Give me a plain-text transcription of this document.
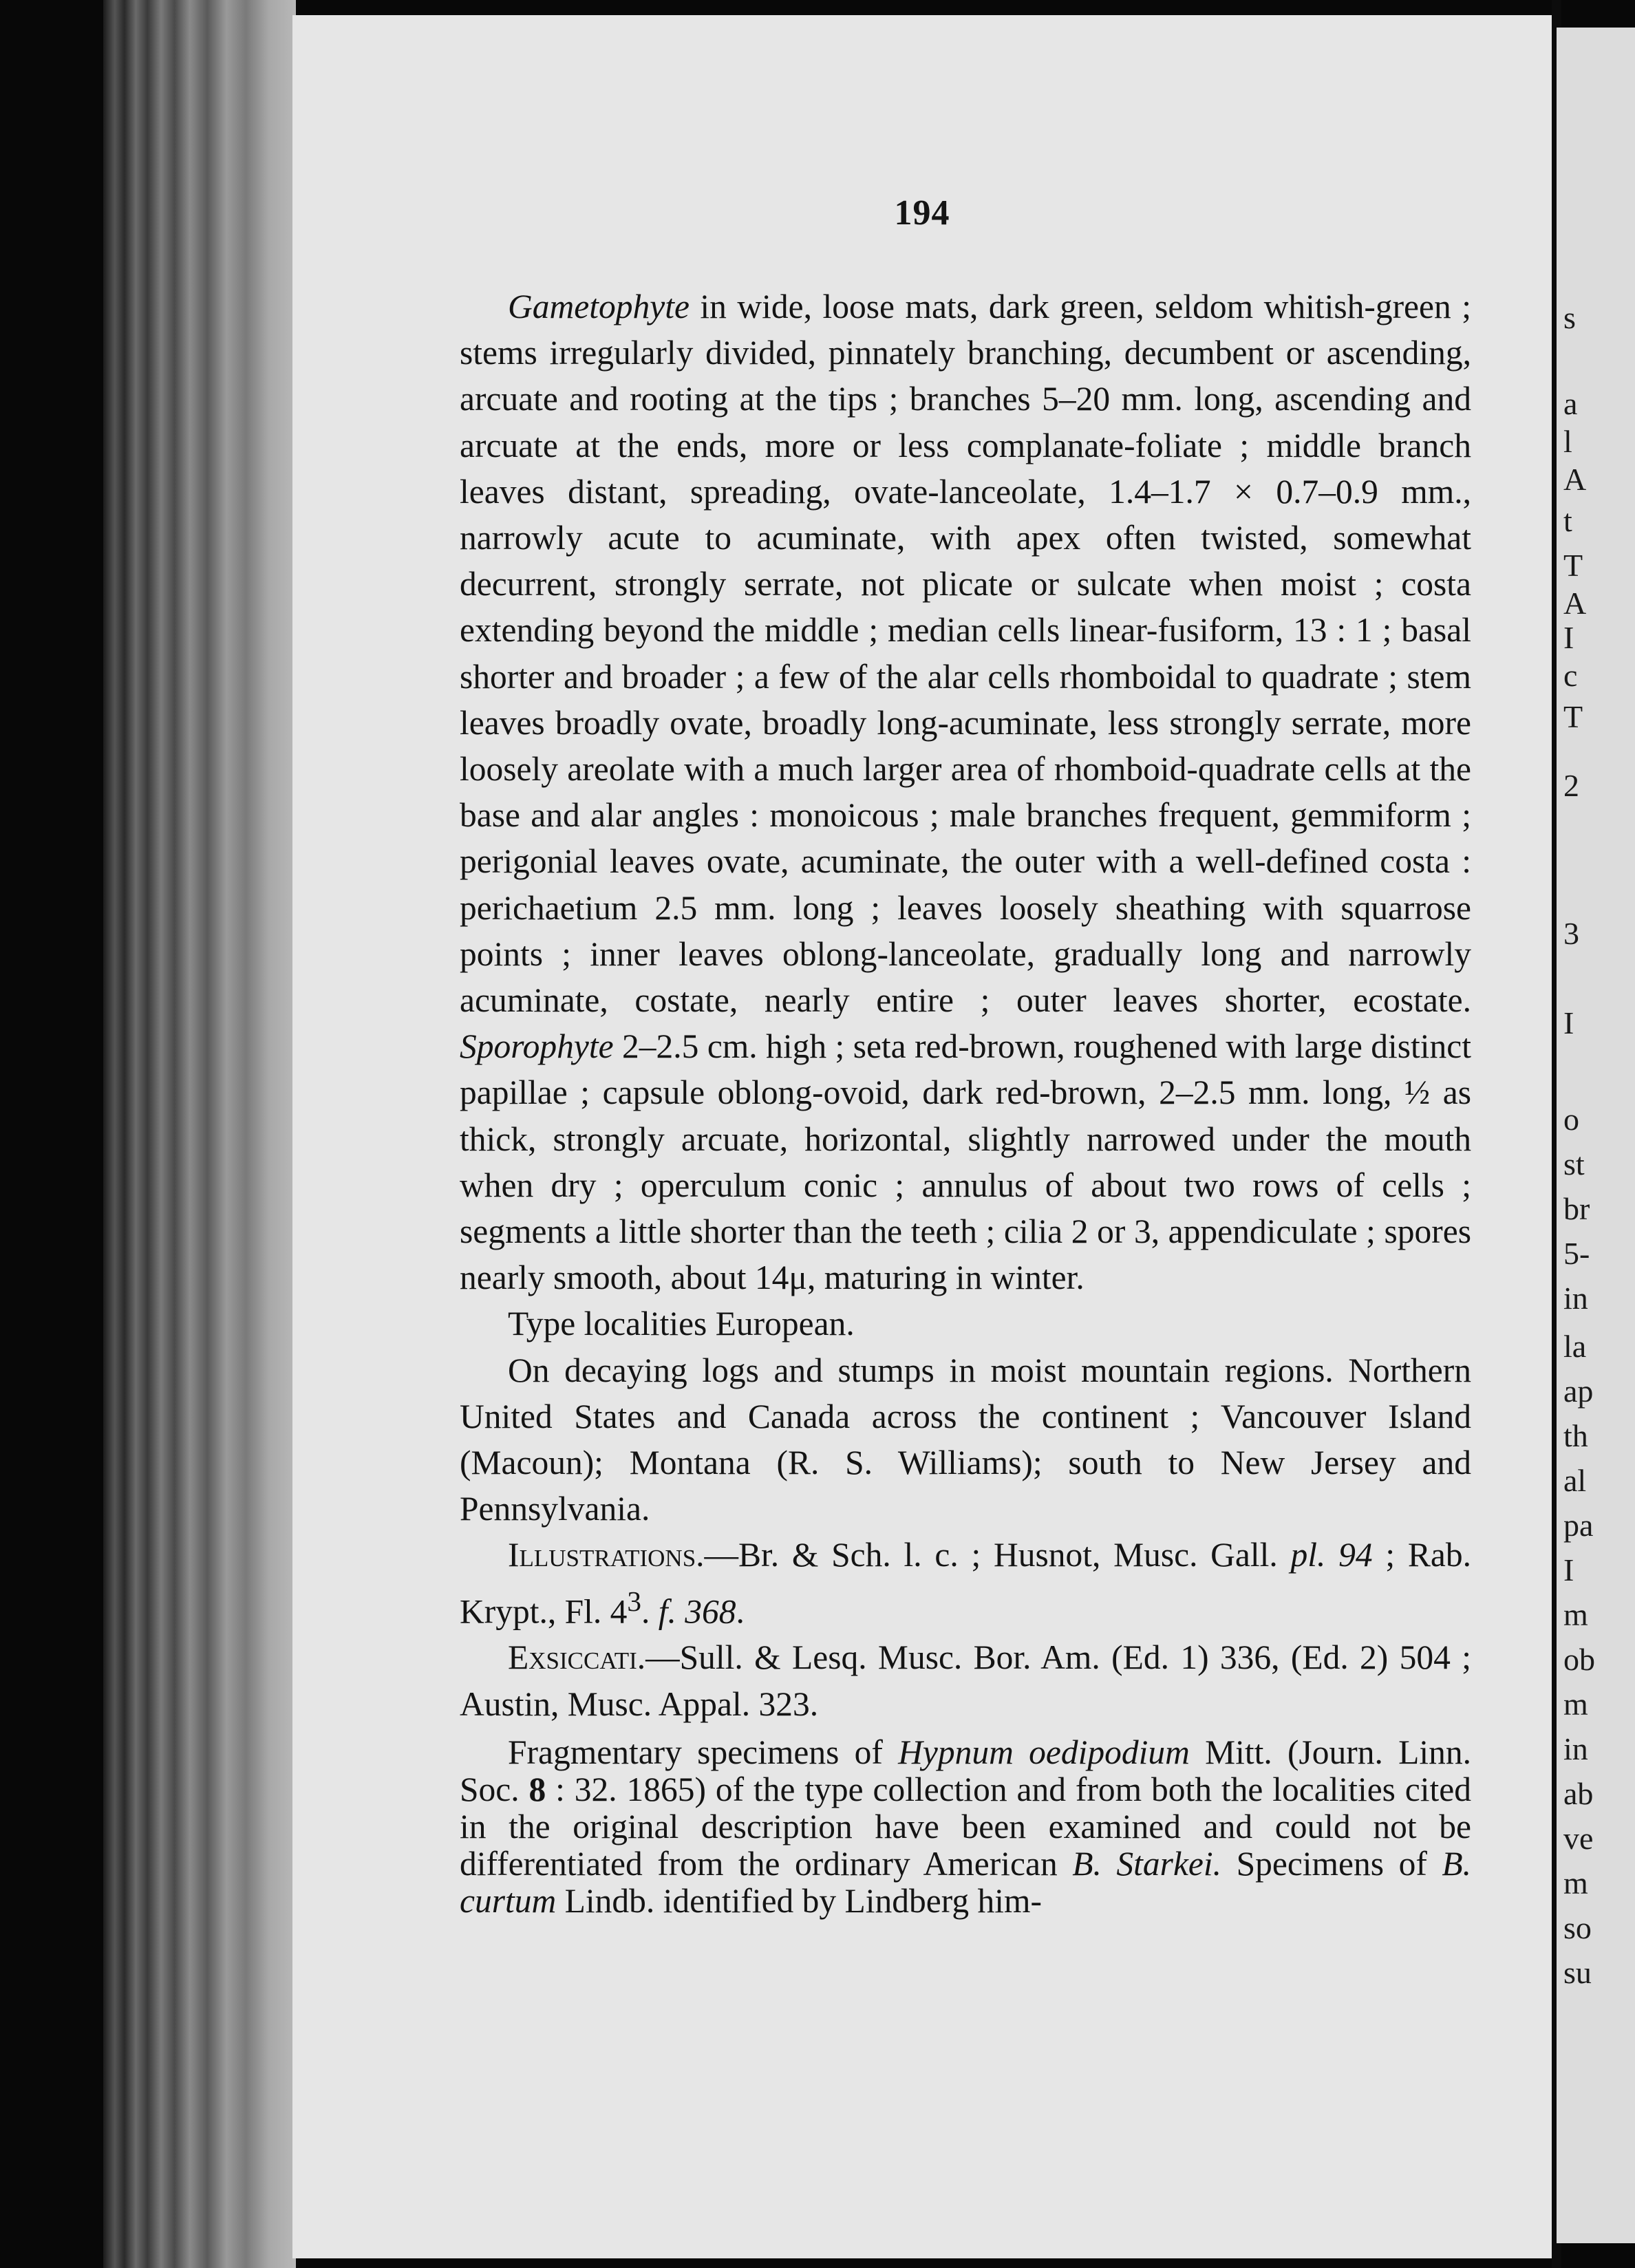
194

Gametophyte in wide, loose mats, dark green, seldom whitish-green ; stems irregularly divided, pinnately branching, decumbent or ascending, arcuate and rooting at the tips ; branches 5–20 mm. long, ascending and arcuate at the ends, more or less complanate-foliate ; middle branch leaves distant, spreading, ovate-lanceolate, 1.4–1.7 × 0.7–0.9 mm., narrowly acute to acuminate, with apex often twisted, somewhat decurrent, strongly serrate, not plicate or sulcate when moist ; costa extending beyond the middle ; median cells linear-fusiform, 13 : 1 ; basal shorter and broader ; a few of the alar cells rhomboidal to quadrate ; stem leaves broadly ovate, broadly long-acuminate, less strongly serrate, more loosely areolate with a much larger area of rhomboid-quadrate cells at the base and alar angles : monoicous ; male branches frequent, gemmiform ; perigonial leaves ovate, acuminate, the outer with a well-defined costa : perichaetium 2.5 mm. long ; leaves loosely sheathing with squarrose points ; inner leaves oblong-lanceolate, gradually long and narrowly acuminate, costate, nearly entire ; outer leaves shorter, ecostate. Sporophyte 2–2.5 cm. high ; seta red-brown, roughened with large distinct papillae ; capsule oblong-ovoid, dark red-brown, 2–2.5 mm. long, ½ as thick, strongly arcuate, horizontal, slightly narrowed under the mouth when dry ; operculum conic ; annulus of about two rows of cells ; segments a little shorter than the teeth ; cilia 2 or 3, appendiculate ; spores nearly smooth, about 14μ, maturing in winter.

Type localities European.

On decaying logs and stumps in moist mountain regions. Northern United States and Canada across the continent ; Vancouver Island (Macoun); Montana (R. S. Williams); south to New Jersey and Pennsylvania.

Illustrations.—Br. & Sch. l. c. ; Husnot, Musc. Gall. pl. 94 ; Rab. Krypt., Fl. $4^3$. f. 368.

Exsiccati.—Sull. & Lesq. Musc. Bor. Am. (Ed. 1) 336, (Ed. 2) 504 ; Austin, Musc. Appal. 323.

Fragmentary specimens of Hypnum oedipodium Mitt. (Journ. Linn. Soc. 8 : 32. 1865) of the type collection and from both the localities cited in the original description have been examined and could not be differentiated from the ordinary American B. Starkei. Specimens of B. curtum Lindb. identified by Lindberg him-

s
a
l
A
t
T
A
I
c
T
2
3
I
o
st
br
5-
in
la
ap
th
al
pa
I
m
ob
m
in
ab
ve
m
so
su
